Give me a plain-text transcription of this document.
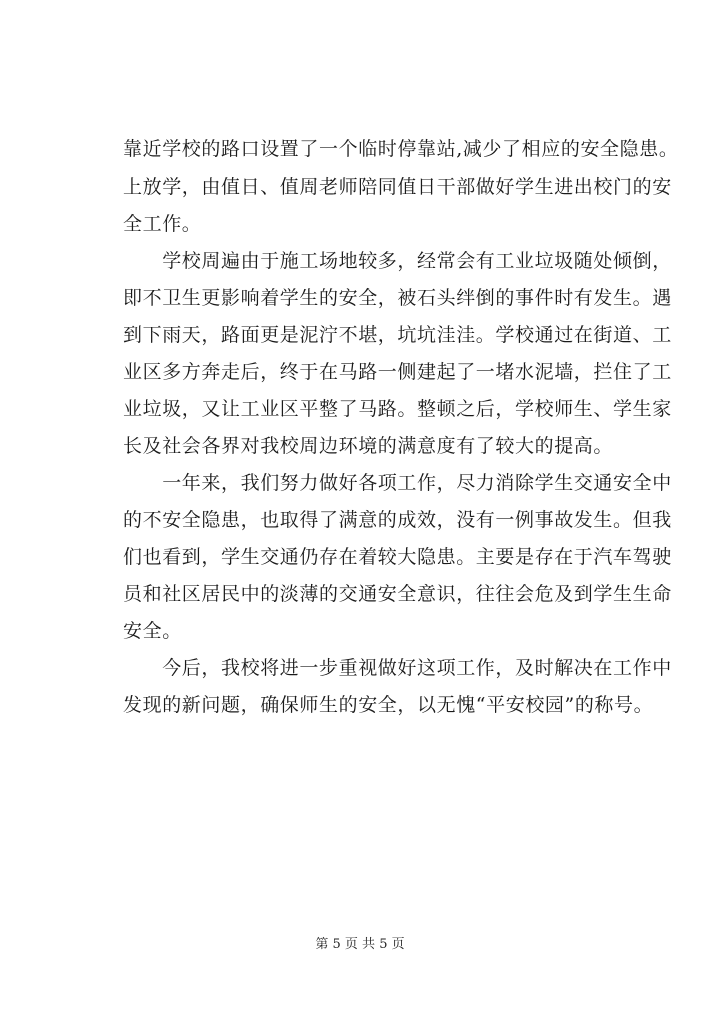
靠近学校的路口设置了一个临时停靠站,减少了相应的安全隐患。
上放学，由值日、值周老师陪同值日干部做好学生进出校门的安
全工作。
　　学校周遍由于施工场地较多，经常会有工业垃圾随处倾倒，
即不卫生更影响着学生的安全，被石头绊倒的事件时有发生。遇
到下雨天，路面更是泥泞不堪，坑坑洼洼。学校通过在街道、工
业区多方奔走后，终于在马路一侧建起了一堵水泥墙，拦住了工
业垃圾，又让工业区平整了马路。整顿之后，学校师生、学生家
长及社会各界对我校周边环境的满意度有了较大的提高。
　　一年来，我们努力做好各项工作，尽力消除学生交通安全中
的不安全隐患，也取得了满意的成效，没有一例事故发生。但我
们也看到，学生交通仍存在着较大隐患。主要是存在于汽车驾驶
员和社区居民中的淡薄的交通安全意识，往往会危及到学生生命
安全。
　　今后，我校将进一步重视做好这项工作，及时解决在工作中
发现的新问题，确保师生的安全，以无愧“平安校园”的称号。
第 5 页 共 5 页
